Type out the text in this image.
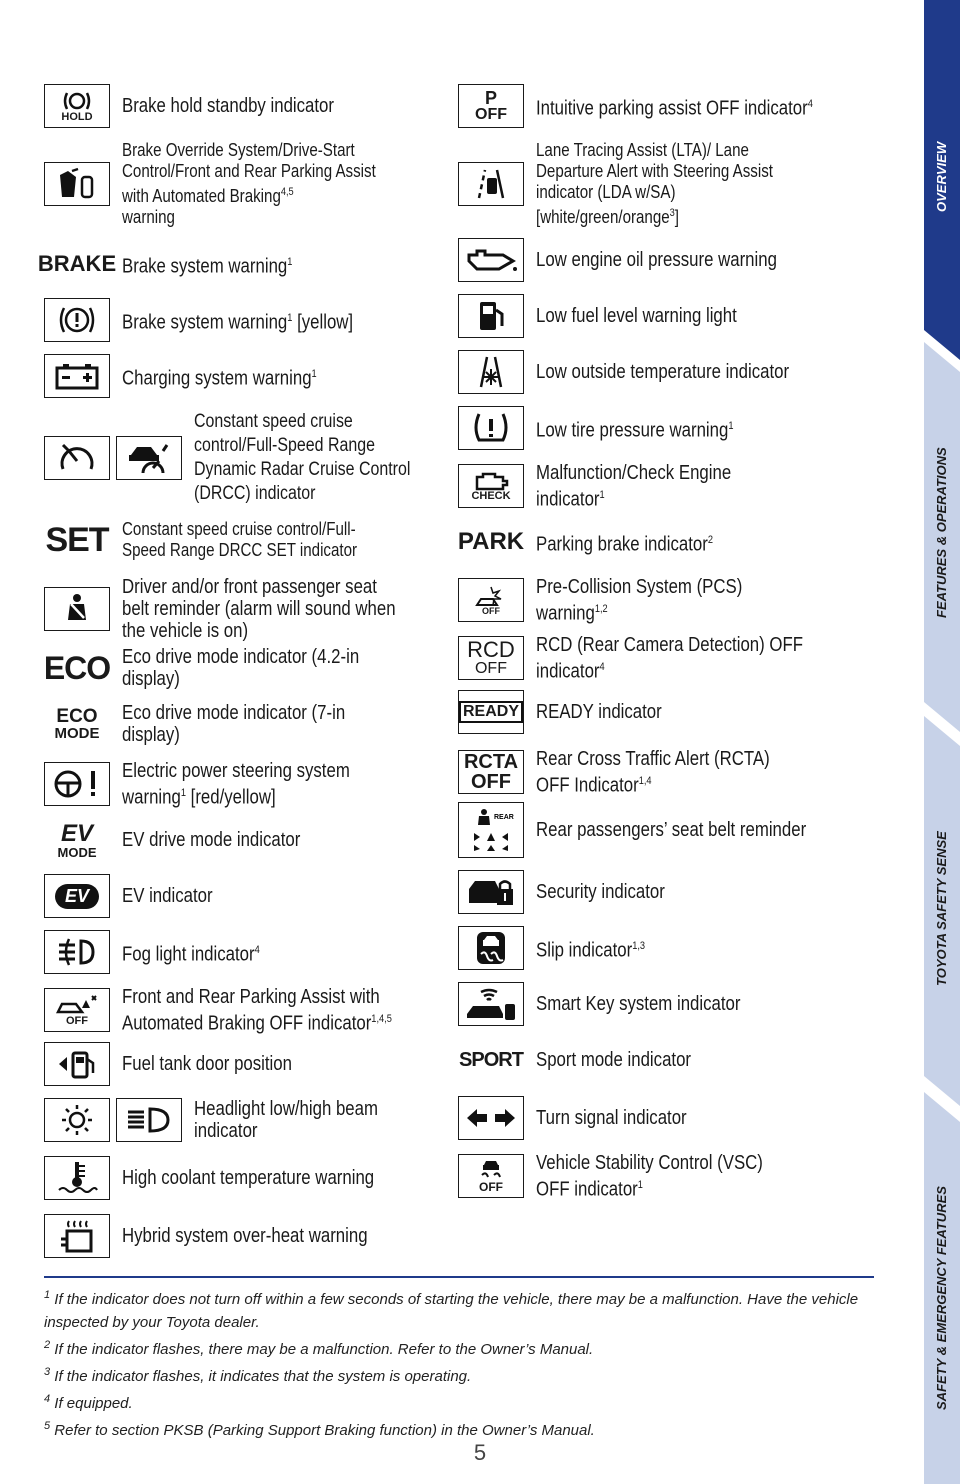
HOLD Brake hold standby indicator
Brake Override System/Drive-Start Control/Front and Rear Parking Assist with Automated Braking$^{4,5}$
warning
BRAKE Brake system warning$^1$
Brake system warning$^1$ [yellow]
Charging system warning$^1$
Constant speed cruise control/Full-Speed Range Dynamic Radar Cruise Control (DRCC) indicator
SET Constant speed cruise control/Full-Speed Range DRCC SET indicator
Driver and/or front passenger seat belt reminder (alarm will sound when the vehicle is on)
ECO Eco drive mode indicator (4.2-in display)
ECO
MODE
Eco drive mode indicator (7-in display)
Electric power steering system warning$^1$ [red/yellow]
EV
MODE
EV drive mode indicator
EV	EV indicator
Fog light indicator$^4$
OFF
Front and Rear Parking Assist with Automated Braking OFF indicator$^{1,4,5}$
Fuel tank door position
Headlight low/high beam indicator
High coolant temperature warning
Hybrid system over-heat warning
P
OFF Intuitive parking assist OFF indicator$^4$
Lane Tracing Assist (LTA)/ Lane Departure Alert with Steering Assist indicator (LDA w/SA) [white/green/orange$^3$]
Low engine oil pressure warning
Low fuel level warning light
Low outside temperature indicator
Low tire pressure warning$^1$
CHECK
Malfunction/Check Engine indicator$^1$
PARK Parking brake indicator$^2$
OFF
Pre-Collision System (PCS) warning$^{1,2}$
RCD
OFF
RCD (Rear Camera Detection) OFF indicator$^4$
READY READY indicator
RCTA
OFF
Rear Cross Traffic Alert (RCTA) OFF Indicator$^{1,4}$
REAR
Rear passengers’ seat belt reminder
Security indicator
Slip indicator$^{1,3}$
Smart Key system indicator
SPORT Sport mode indicator
Turn signal indicator
OFF
Vehicle Stability Control (VSC) OFF indicator$^1$

$^1$ If the indicator does not turn off within a few seconds of starting the vehicle, there may be a malfunction. Have the vehicle inspected by your Toyota dealer.

$^2$ If the indicator flashes, there may be a malfunction. Refer to the Owner’s Manual.

$^3$ If the indicator flashes, it indicates that the system is operating.

$^4$ If equipped.

$^5$ Refer to section PKSB (Parking Support Braking function) in the Owner’s Manual.

5
OVERVIEW
FEATURES & OPERATIONS
TOYOTA SAFETY SENSE
SAFETY & EMERGENCY FEATURES
